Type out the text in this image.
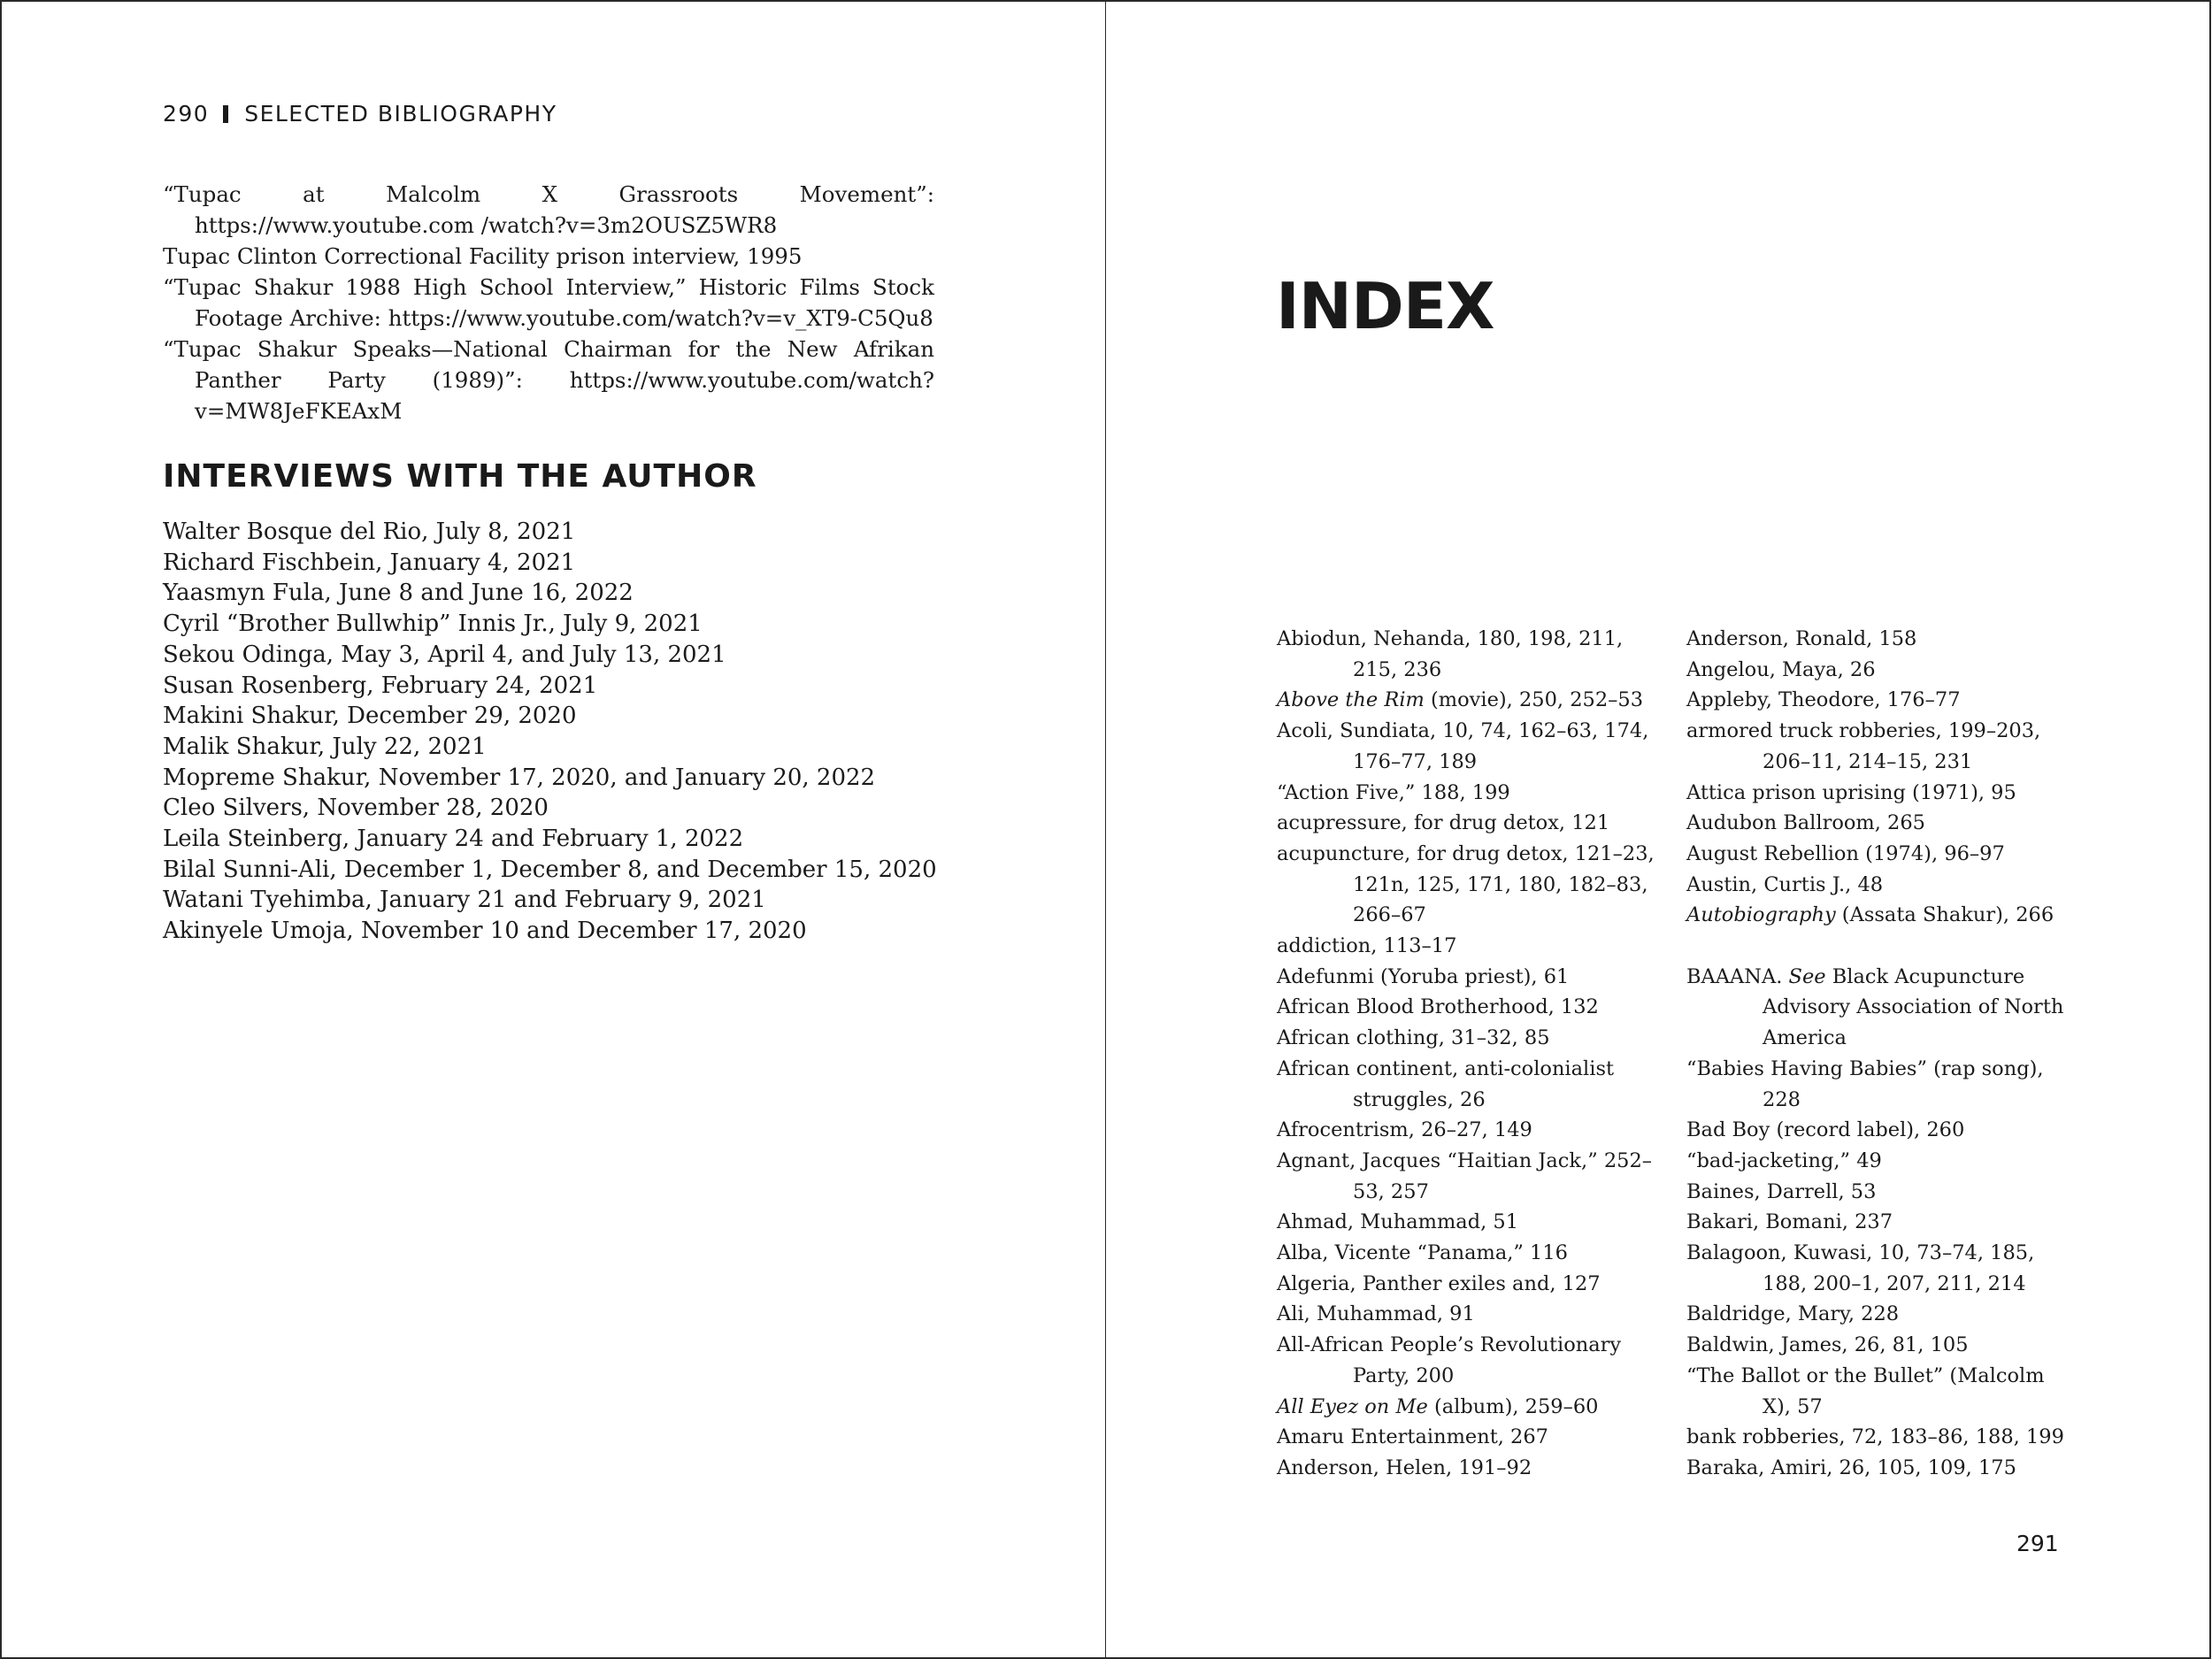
290 SELECTED BIBLIOGRAPHY
“Tupac at Malcolm X Grassroots Movement”: https://www.youtube.com /watch?v=3m2OUSZ5WR8
Tupac Clinton Correctional Facility prison interview, 1995
“Tupac Shakur 1988 High School Interview,” Historic Films Stock Footage Archive: https://www.youtube.com/watch?v=v_XT9-C5Qu8
“Tupac Shakur Speaks—National Chairman for the New Afrikan Panther Party (1989)”: https://www.youtube.com/watch?v=MW8JeFKEAxM
INTERVIEWS WITH THE AUTHOR
Walter Bosque del Rio, July 8, 2021
Richard Fischbein, January 4, 2021
Yaasmyn Fula, June 8 and June 16, 2022
Cyril “Brother Bullwhip” Innis Jr., July 9, 2021
Sekou Odinga, May 3, April 4, and July 13, 2021
Susan Rosenberg, February 24, 2021
Makini Shakur, December 29, 2020
Malik Shakur, July 22, 2021
Mopreme Shakur, November 17, 2020, and January 20, 2022
Cleo Silvers, November 28, 2020
Leila Steinberg, January 24 and February 1, 2022
Bilal Sunni-Ali, December 1, December 8, and December 15, 2020
Watani Tyehimba, January 21 and February 9, 2021
Akinyele Umoja, November 10 and December 17, 2020
INDEX
Abiodun, Nehanda, 180, 198, 211, 215, 236
Above the Rim (movie), 250, 252–53
Acoli, Sundiata, 10, 74, 162–63, 174, 176–77, 189
“Action Five,” 188, 199
acupressure, for drug detox, 121
acupuncture, for drug detox, 121–23, 121n, 125, 171, 180, 182–83, 266–67
addiction, 113–17
Adefunmi (Yoruba priest), 61
African Blood Brotherhood, 132
African clothing, 31–32, 85
African continent, anti-colonialist struggles, 26
Afrocentrism, 26–27, 149
Agnant, Jacques “Haitian Jack,” 252–53, 257
Ahmad, Muhammad, 51
Alba, Vicente “Panama,” 116
Algeria, Panther exiles and, 127
Ali, Muhammad, 91
All-African People’s Revolutionary Party, 200
All Eyez on Me (album), 259–60
Amaru Entertainment, 267
Anderson, Helen, 191–92
Anderson, Ronald, 158
Angelou, Maya, 26
Appleby, Theodore, 176–77
armored truck robberies, 199–203, 206–11, 214–15, 231
Attica prison uprising (1971), 95
Audubon Ballroom, 265
August Rebellion (1974), 96–97
Austin, Curtis J., 48
Autobiography (Assata Shakur), 266
BAAANA. See Black Acupuncture Advisory Association of North America
“Babies Having Babies” (rap song), 228
Bad Boy (record label), 260
“bad-jacketing,” 49
Baines, Darrell, 53
Bakari, Bomani, 237
Balagoon, Kuwasi, 10, 73–74, 185, 188, 200–1, 207, 211, 214
Baldridge, Mary, 228
Baldwin, James, 26, 81, 105
“The Ballot or the Bullet” (Malcolm X), 57
bank robberies, 72, 183–86, 188, 199
Baraka, Amiri, 26, 105, 109, 175
291
